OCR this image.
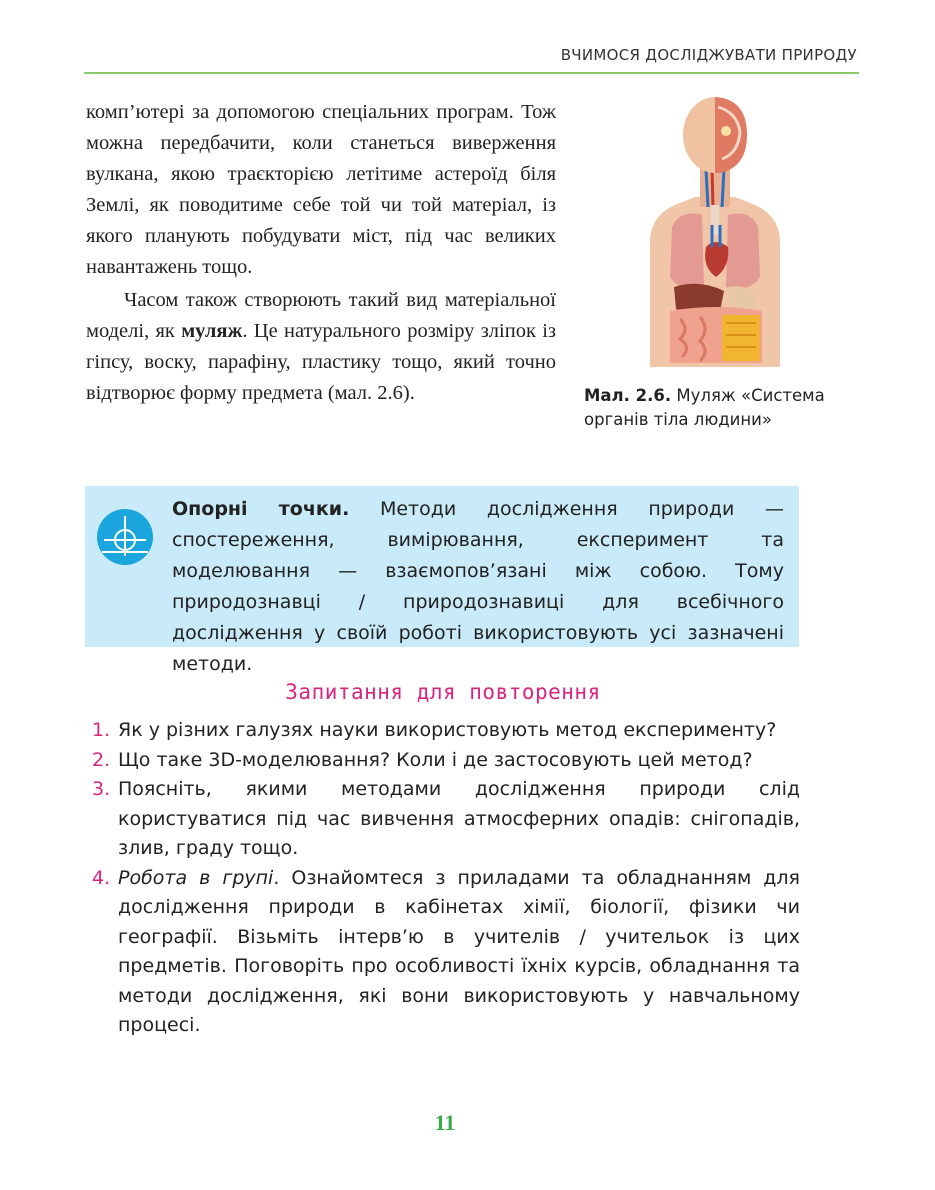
ВЧИМОСЯ ДОСЛІДЖУВАТИ ПРИРОДУ

комп’ютері за допомогою спеціальних програм. Тож можна передбачити, коли станеться виверження вулкана, якою траєкторією летітиме астероїд біля Землі, як поводитиме себе той чи той матеріал, із якого планують побудувати міст, під час великих навантажень тощо.

Часом також створюють такий вид матеріальної моделі, як муляж. Це натурального розміру зліпок із гіпсу, воску, парафіну, пластику тощо, який точно відтворює форму предмета (мал. 2.6).	Мал. 2.6. Муляж «Система органів тіла людини»
Опорні точки. Методи дослідження природи — спостереження, вимірювання, експеримент та моделювання — взаємопов’язані між собою. Тому природознавці / природознавиці для всебічного дослідження у своїй роботі використовують усі зазначені методи.
Запитання для повторення
1. Як у різних галузях науки використовують метод експерименту?
2. Що таке 3D-моделювання? Коли і де застосовують цей метод?
3. Поясніть, якими методами дослідження природи слід користуватися під час вивчення атмосферних опадів: снігопадів, злив, граду тощо.
4. Робота в групі. Ознайомтеся з приладами та обладнанням для дослідження природи в кабінетах хімії, біології, фізики чи географії. Візьміть інтерв’ю в учителів / учительок із цих предметів. Поговоріть про особливості їхніх курсів, обладнання та методи дослідження, які вони використовують у навчальному процесі.
11
